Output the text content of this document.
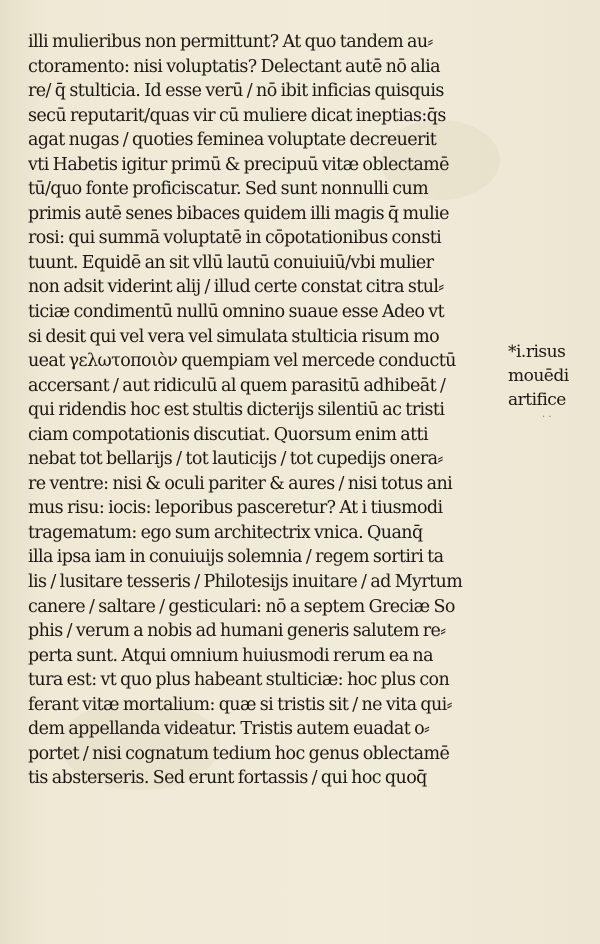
illi mulieribus non permittunt? At quo tandem au⸗
ctoramento: nisi voluptatis? Delectant autē nō alia
re/ q̄ stulticia. Id esse verū / nō ibit inficias quisquis
secū reputarit/quas vir cū muliere dicat ineptias:q̄s
agat nugas / quoties feminea voluptate decreuerit
vti Habetis igitur primū & precipuū vitæ oblectamē
tū/quo fonte proficiscatur. Sed sunt nonnulli cum
primis autē senes bibaces quidem illi magis q̄ mulie
rosi: qui summā voluptatē in cōpotationibus consti
tuunt. Equidē an sit vllū lautū conuiuiū/vbi mulier
non adsit viderint alij / illud certe constat citra stul⸗
ticiæ condimentū nullū omnino suaue esse Adeo vt
si desit qui vel vera vel simulata stulticia risum mo
ueat γελωτοποιὸν quempiam vel mercede conductū
accersant / aut ridiculū al quem parasitū adhibeāt /
qui ridendis hoc est stultis dicterijs silentiū ac tristi
ciam compotationis discutiat. Quorsum enim atti
nebat tot bellarijs / tot lauticijs / tot cupedijs onera⸗
re ventre: nisi & oculi pariter & aures / nisi totus ani
mus risu: iocis: leporibus pasceretur? At i tiusmodi
tragematum: ego sum architectrix vnica. Quanq̄
illa ipsa iam in conuiuijs solemnia / regem sortiri ta
lis / lusitare tesseris / Philotesijs inuitare / ad Myrtum
canere / saltare / gesticulari: nō a septem Greciæ So
phis / verum a nobis ad humani generis salutem re⸗
perta sunt. Atqui omnium huiusmodi rerum ea na
tura est: vt quo plus habeant stulticiæ: hoc plus con
ferant vitæ mortalium: quæ si tristis sit / ne vita qui⸗
dem appellanda videatur. Tristis autem euadat o⸗
portet / nisi cognatum tedium hoc genus oblectamē
tis absterseris. Sed erunt fortassis / qui hoc quoq̄
*i.risus
mouēdi
artifice
· ·
